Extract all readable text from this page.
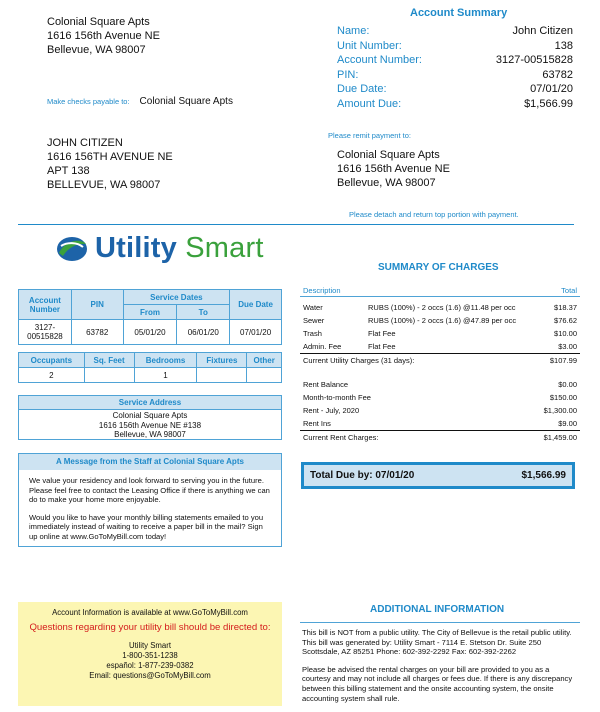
Colonial Square Apts
1616 156th Avenue NE
Bellevue, WA 98007
Account Summary
Name:	John Citizen
Unit Number:	138
Account Number:	3127-00515828
PIN:	63782
Due Date:	07/01/20
Amount Due:	$1,566.99
Make checks payable to: Colonial Square Apts
JOHN CITIZEN
1616 156TH AVENUE NE
APT 138
BELLEVUE, WA 98007
Please remit payment to:
Colonial Square Apts
1616 156th Avenue NE
Bellevue, WA 98007
Please detach and return top portion with payment.
Utility Smart
Account Number	PIN	Service Dates		Due Date
		From	To	
3127-00515828	63782	05/01/20	06/01/20	07/01/20
Occupants	Sq. Feet	Bedrooms	Fixtures	Other
2		1		
Service Address
Colonial Square Apts
1616 156th Avenue NE #138
Bellevue, WA 98007
A Message from the Staff at Colonial Square Apts

We value your residency and look forward to serving you in the future. Please feel free to contact the Leasing Office if there is anything we can do to make your home more enjoyable.

Would you like to have your monthly billing statements emailed to you immediately instead of waiting to receive a paper bill in the mail? Sign up online at www.GoToMyBill.com today!

SUMMARY OF CHARGES
Description	Total
Water	RUBS (100%) - 2 occs (1.6) @11.48 per occ	$18.37
Sewer	RUBS (100%) - 2 occs (1.6) @47.89 per occ	$76.62
Trash	Flat Fee	$10.00
Admin. Fee	Flat Fee	$3.00
Current Utility Charges (31 days):	$107.99
Rent Balance	$0.00
Month-to-month Fee	$150.00
Rent - July, 2020	$1,300.00
Rent Ins	$9.00
Current Rent Charges:	$1,459.00
Total Due by: 07/01/20	$1,566.99
Account Information is available at www.GoToMyBill.com
Questions regarding your utility bill should be directed to:
Utility Smart
1-800-351-1238
español: 1-877-239-0382
Email: questions@GoToMyBill.com
ADDITIONAL INFORMATION

This bill is NOT from a public utility. The City of Bellevue is the retail public utility. This bill was generated by: Utility Smart - 7114 E. Stetson Dr. Suite 250 Scottsdale, AZ 85251 Phone: 602-392-2292 Fax: 602-392-2262

Please be advised the rental charges on your bill are provided to you as a courtesy and may not include all charges or fees due. If there is any discrepancy between this billing statement and the onsite accounting system, the onsite accounting system shall rule.
